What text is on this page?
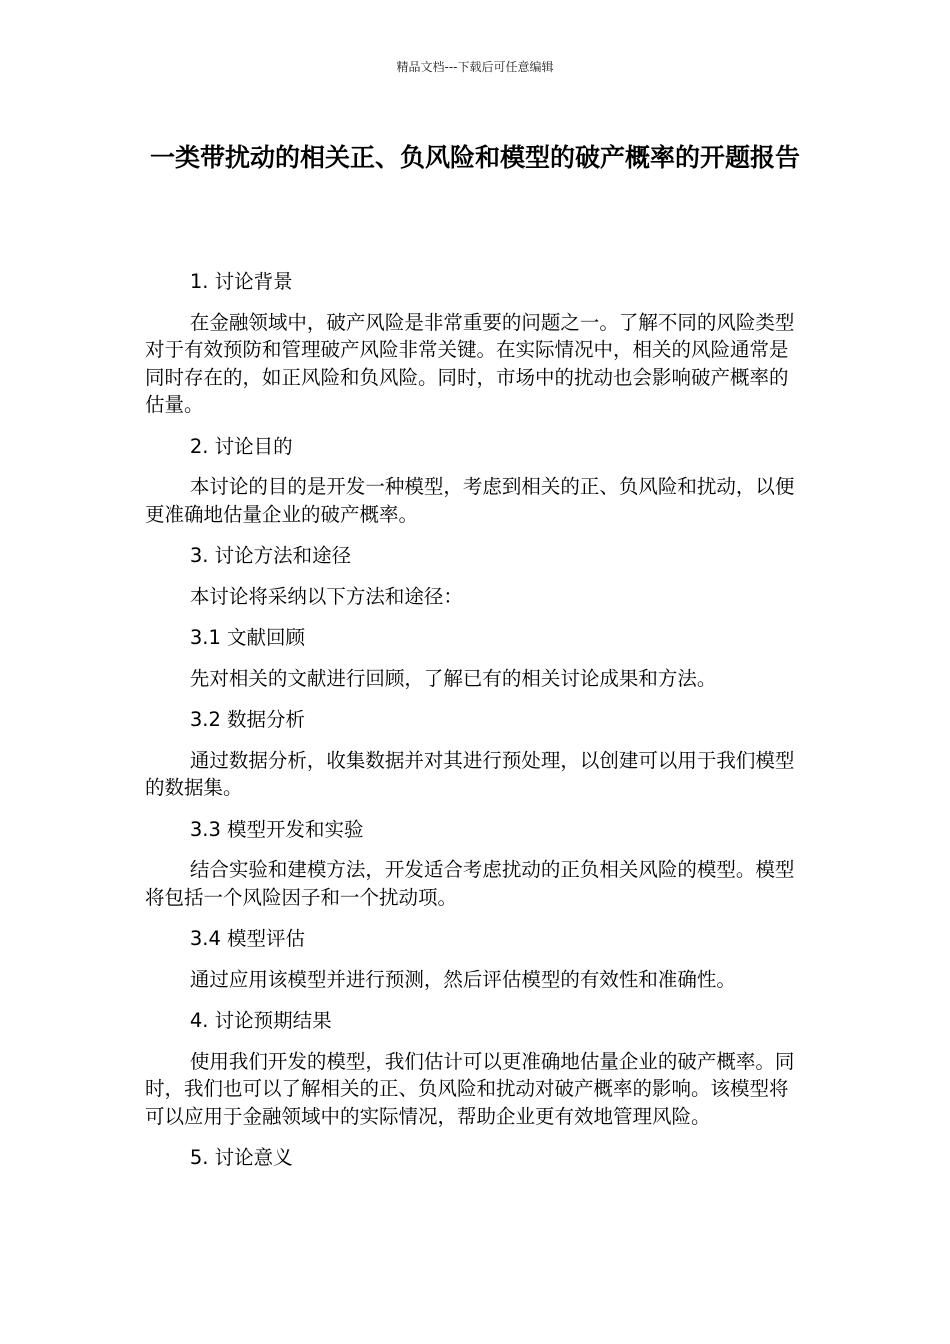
精品文档---下载后可任意编辑
一类带扰动的相关正、负风险和模型的破产概率的开题报告

1. 讨论背景

在金融领域中，破产风险是非常重要的问题之一。了解不同的风险类型对于有效预防和管理破产风险非常关键。在实际情况中，相关的风险通常是同时存在的，如正风险和负风险。同时，市场中的扰动也会影响破产概率的估量。

2. 讨论目的

本讨论的目的是开发一种模型，考虑到相关的正、负风险和扰动，以便更准确地估量企业的破产概率。

3. 讨论方法和途径

本讨论将采纳以下方法和途径：

3.1 文献回顾

先对相关的文献进行回顾，了解已有的相关讨论成果和方法。

3.2 数据分析

通过数据分析，收集数据并对其进行预处理，以创建可以用于我们模型的数据集。

3.3 模型开发和实验

结合实验和建模方法，开发适合考虑扰动的正负相关风险的模型。模型将包括一个风险因子和一个扰动项。

3.4 模型评估

通过应用该模型并进行预测，然后评估模型的有效性和准确性。

4. 讨论预期结果

使用我们开发的模型，我们估计可以更准确地估量企业的破产概率。同时，我们也可以了解相关的正、负风险和扰动对破产概率的影响。该模型将可以应用于金融领域中的实际情况，帮助企业更有效地管理风险。

5. 讨论意义
